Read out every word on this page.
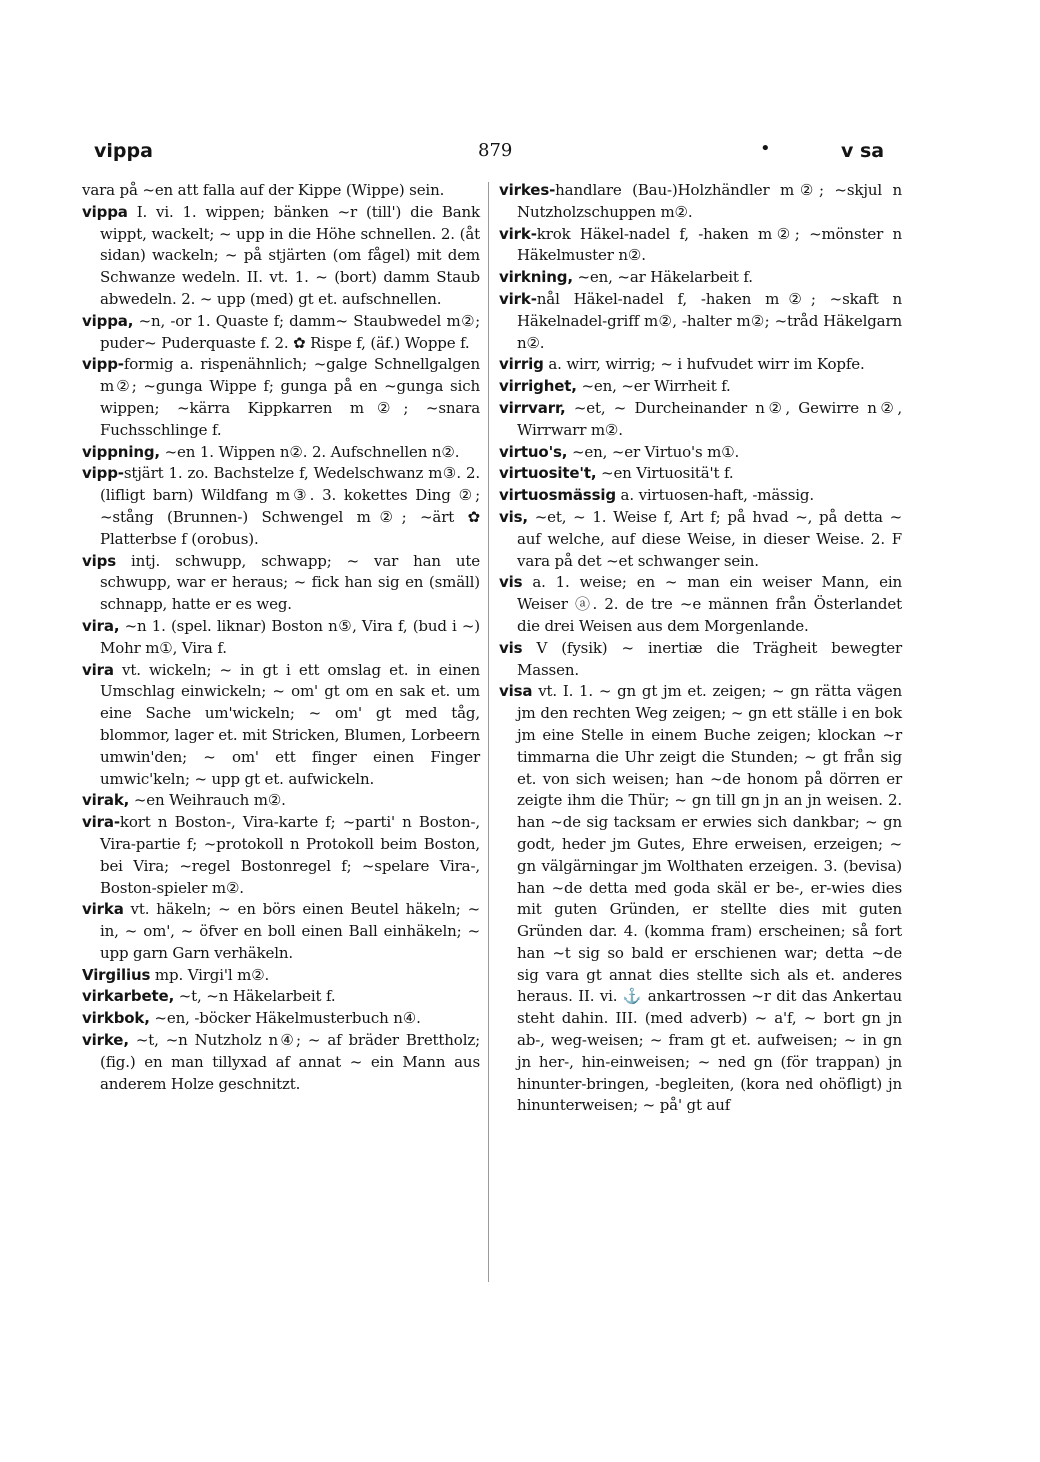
vippa	879	•	v sa

vara på ~en att falla auf der Kippe (Wippe) sein.

vippa I. vi. 1. wippen; bänken ~r (till') die Bank wippt, wackelt; ~ upp in die Höhe schnellen. 2. (åt sidan) wackeln; ~ på stjärten (om fågel) mit dem Schwanze wedeln. II. vt. 1. ~ (bort) damm Staub abwedeln. 2. ~ upp (med) gt et. aufschnellen.

vippa, ~n, -or 1. Quaste f; damm~ Staubwedel m②; puder~ Puderquaste f. 2. ✿ Rispe f, (äf.) Woppe f.

vipp-formig a. rispenähnlich; ~galge Schnellgalgen m②; ~gunga Wippe f; gunga på en ~gunga sich wippen; ~kärra Kippkarren m②; ~snara Fuchsschlinge f.

vippning, ~en 1. Wippen n②. 2. Aufschnellen n②.

vipp-stjärt 1. zo. Bachstelze f, Wedelschwanz m③. 2. (lifligt barn) Wildfang m③. 3. kokettes Ding ②; ~stång (Brunnen-) Schwengel m②; ~ärt ✿ Platterbse f (orobus).

vips intj. schwupp, schwapp; ~ var han ute schwupp, war er heraus; ~ fick han sig en (smäll) schnapp, hatte er es weg.

vira, ~n 1. (spel. liknar) Boston n⑤, Vira f, (bud i ~) Mohr m①, Vira f.

vira vt. wickeln; ~ in gt i ett omslag et. in einen Umschlag einwickeln; ~ om' gt om en sak et. um eine Sache um'wickeln; ~ om' gt med tåg, blommor, lager et. mit Stricken, Blumen, Lorbeern umwin'den; ~ om' ett finger einen Finger umwic'keln; ~ upp gt et. aufwickeln.

virak, ~en Weihrauch m②.

vira-kort n Boston-, Vira-karte f; ~parti' n Boston-, Vira-partie f; ~protokoll n Protokoll beim Boston, bei Vira; ~regel Bostonregel f; ~spelare Vira-, Boston-spieler m②.

virka vt. häkeln; ~ en börs einen Beutel häkeln; ~ in, ~ om', ~ öfver en boll einen Ball einhäkeln; ~ upp garn Garn verhäkeln.

Virgilius mp. Virgi'l m②.

virkarbete, ~t, ~n Häkelarbeit f.

virkbok, ~en, -böcker Häkelmusterbuch n④.

virke, ~t, ~n Nutzholz n④; ~ af bräder Brettholz; (fig.) en man tillyxad af annat ~ ein Mann aus anderem Holze geschnitzt.

virkes-handlare (Bau-)Holzhändler m②; ~skjul n Nutzholzschuppen m②.

virk-krok Häkel-nadel f, -haken m②; ~mönster n Häkelmuster n②.

virkning, ~en, ~ar Häkelarbeit f.

virk-nål Häkel-nadel f, -haken m②; ~skaft n Häkelnadel-griff m②, -halter m②; ~tråd Häkelgarn n②.

virrig a. wirr, wirrig; ~ i hufvudet wirr im Kopfe.

virrighet, ~en, ~er Wirrheit f.

virrvarr, ~et, ~ Durcheinander n②, Gewirre n②, Wirrwarr m②.

virtuo's, ~en, ~er Virtuo's m①.

virtuosite't, ~en Virtuositä't f.

virtuosmässig a. virtuosen-haft, -mässig.

vis, ~et, ~ 1. Weise f, Art f; på hvad ~, på detta ~ auf welche, auf diese Weise, in dieser Weise. 2. F vara på det ~et schwanger sein.

vis a. 1. weise; en ~ man ein weiser Mann, ein Weiser ⓐ. 2. de tre ~e männen från Österlandet die drei Weisen aus dem Morgenlande.

vis V (fysik) ~ inertiæ die Trägheit bewegter Massen.

visa vt. I. 1. ~ gn gt jm et. zeigen; ~ gn rätta vägen jm den rechten Weg zeigen; ~ gn ett ställe i en bok jm eine Stelle in einem Buche zeigen; klockan ~r timmarna die Uhr zeigt die Stunden; ~ gt från sig et. von sich weisen; han ~de honom på dörren er zeigte ihm die Thür; ~ gn till gn jn an jn weisen. 2. han ~de sig tacksam er erwies sich dankbar; ~ gn godt, heder jm Gutes, Ehre erweisen, erzeigen; ~ gn välgärningar jm Wolthaten erzeigen. 3. (bevisa) han ~de detta med goda skäl er be-, er-wies dies mit guten Gründen, er stellte dies mit guten Gründen dar. 4. (komma fram) erscheinen; så fort han ~t sig so bald er erschienen war; detta ~de sig vara gt annat dies stellte sich als et. anderes heraus. II. vi. ⚓ ankartrossen ~r dit das Ankertau steht dahin. III. (med adverb) ~ a'f, ~ bort gn jn ab-, weg-weisen; ~ fram gt et. aufweisen; ~ in gn jn her-, hin-einweisen; ~ ned gn (för trappan) jn hinunter-bringen, -begleiten, (kora ned ohöfligt) jn hinunterweisen; ~ på' gt auf
